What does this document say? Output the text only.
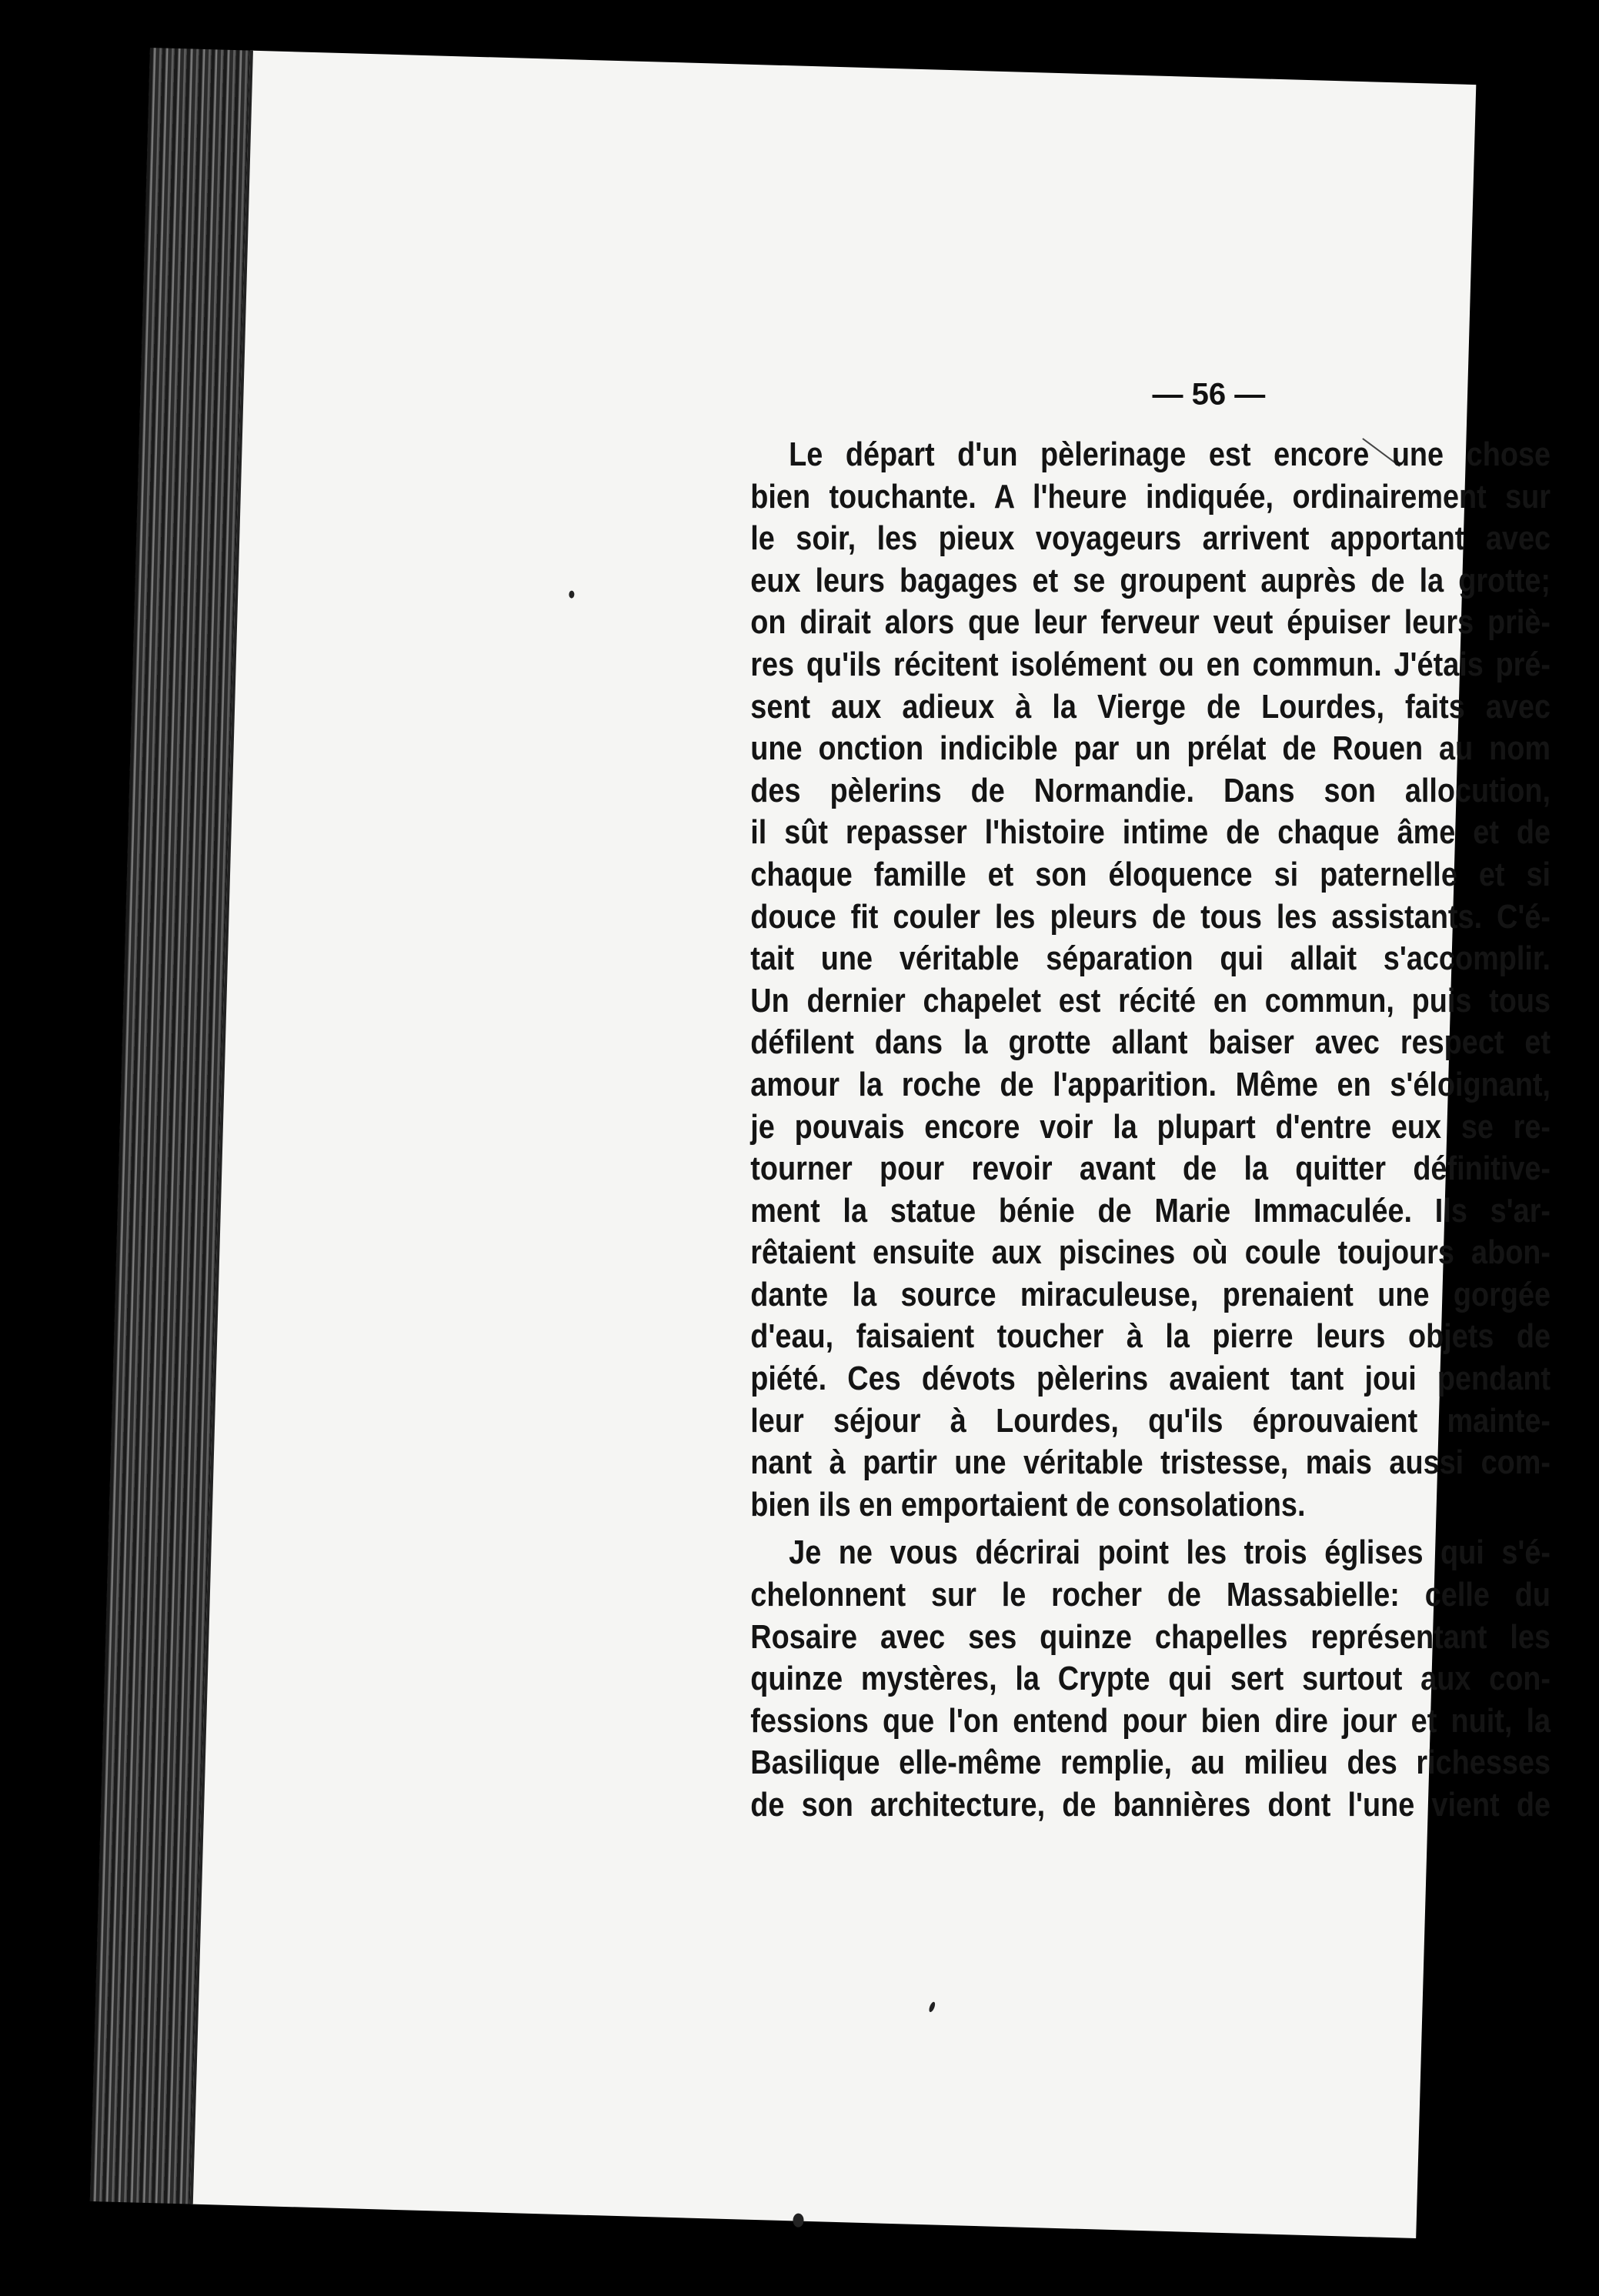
— 56 —
Le départ d'un pèlerinage est encore une chose
bien touchante. A l'heure indiquée, ordinairement sur
le soir, les pieux voyageurs arrivent apportant avec
eux leurs bagages et se groupent auprès de la grotte;
on dirait alors que leur ferveur veut épuiser leurs priè-
res qu'ils récitent isolément ou en commun. J'étais pré-
sent aux adieux à la Vierge de Lourdes, faits avec
une onction indicible par un prélat de Rouen au nom
des pèlerins de Normandie. Dans son allocution,
il sût repasser l'histoire intime de chaque âme et de
chaque famille et son éloquence si paternelle et si
douce fit couler les pleurs de tous les assistants. C'é-
tait une véritable séparation qui allait s'accomplir.
Un dernier chapelet est récité en commun, puis tous
défilent dans la grotte allant baiser avec respect et
amour la roche de l'apparition. Même en s'éloignant,
je pouvais encore voir la plupart d'entre eux se re-
tourner pour revoir avant de la quitter définitive-
ment la statue bénie de Marie Immaculée. Ils s'ar-
rêtaient ensuite aux piscines où coule toujours abon-
dante la source miraculeuse, prenaient une gorgée
d'eau, faisaient toucher à la pierre leurs objets de
piété. Ces dévots pèlerins avaient tant joui pendant
leur séjour à Lourdes, qu'ils éprouvaient mainte-
nant à partir une véritable tristesse, mais aussi com-
bien ils en emportaient de consolations.
Je ne vous décrirai point les trois églises qui s'é-
chelonnent sur le rocher de Massabielle: celle du
Rosaire avec ses quinze chapelles représentant les
quinze mystères, la Crypte qui sert surtout aux con-
fessions que l'on entend pour bien dire jour et nuit, la
Basilique elle-même remplie, au milieu des richesses
de son architecture, de bannières dont l'une vient de
